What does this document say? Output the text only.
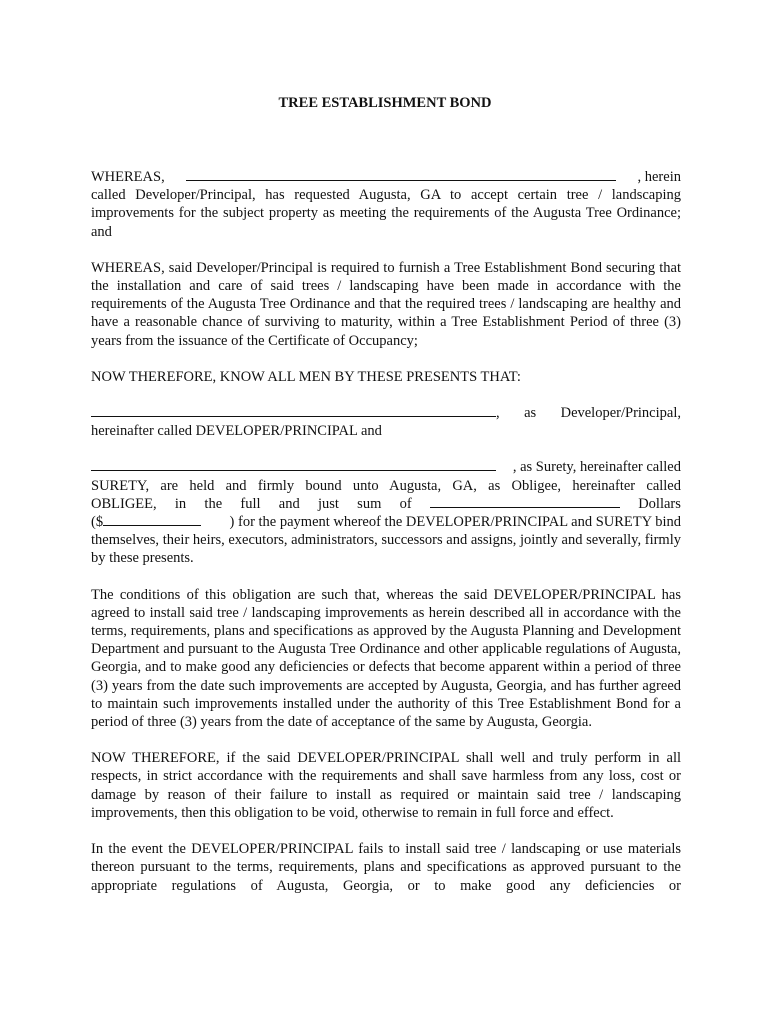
TREE ESTABLISHMENT BOND
WHEREAS,	, herein
called Developer/Principal, has requested Augusta, GA to accept certain tree / landscaping improvements for the subject property as meeting the requirements of the Augusta Tree Ordinance; and
WHEREAS, said Developer/Principal is required to furnish a Tree Establishment Bond securing that the installation and care of said trees / landscaping have been made in accordance with the requirements of the Augusta Tree Ordinance and that the required trees / landscaping are healthy and have a reasonable chance of surviving to maturity, within a Tree Establishment Period of three (3) years from the issuance of the Certificate of Occupancy;
NOW THEREFORE, KNOW ALL MEN BY THESE PRESENTS THAT:
, as Developer/Principal,
hereinafter called DEVELOPER/PRINCIPAL and
, as Surety, hereinafter called
SURETY, are held and firmly bound unto Augusta, GA, as Obligee, hereinafter called
OBLIGEE, in the full and just sum of	Dollars
($	) for the payment whereof the DEVELOPER/PRINCIPAL and SURETY bind
themselves, their heirs, executors, administrators, successors and assigns, jointly and severally, firmly by these presents.
The conditions of this obligation are such that, whereas the said DEVELOPER/PRINCIPAL has agreed to install said tree / landscaping improvements as herein described all in accordance with the terms, requirements, plans and specifications as approved by the Augusta Planning and Development Department and pursuant to the Augusta Tree Ordinance and other applicable regulations of Augusta, Georgia, and to make good any deficiencies or defects that become apparent within a period of three (3) years from the date such improvements are accepted by Augusta, Georgia, and has further agreed to maintain such improvements installed under the authority of this Tree Establishment Bond for a period of three (3) years from the date of acceptance of the same by Augusta, Georgia.
NOW THEREFORE, if the said DEVELOPER/PRINCIPAL shall well and truly perform in all respects, in strict accordance with the requirements and shall save harmless from any loss, cost or damage by reason of their failure to install as required or maintain said tree / landscaping improvements, then this obligation to be void, otherwise to remain in full force and effect.
In the event the DEVELOPER/PRINCIPAL fails to install said tree / landscaping or use materials thereon pursuant to the terms, requirements, plans and specifications as approved pursuant to the appropriate regulations of Augusta, Georgia, or to make good any deficiencies or
